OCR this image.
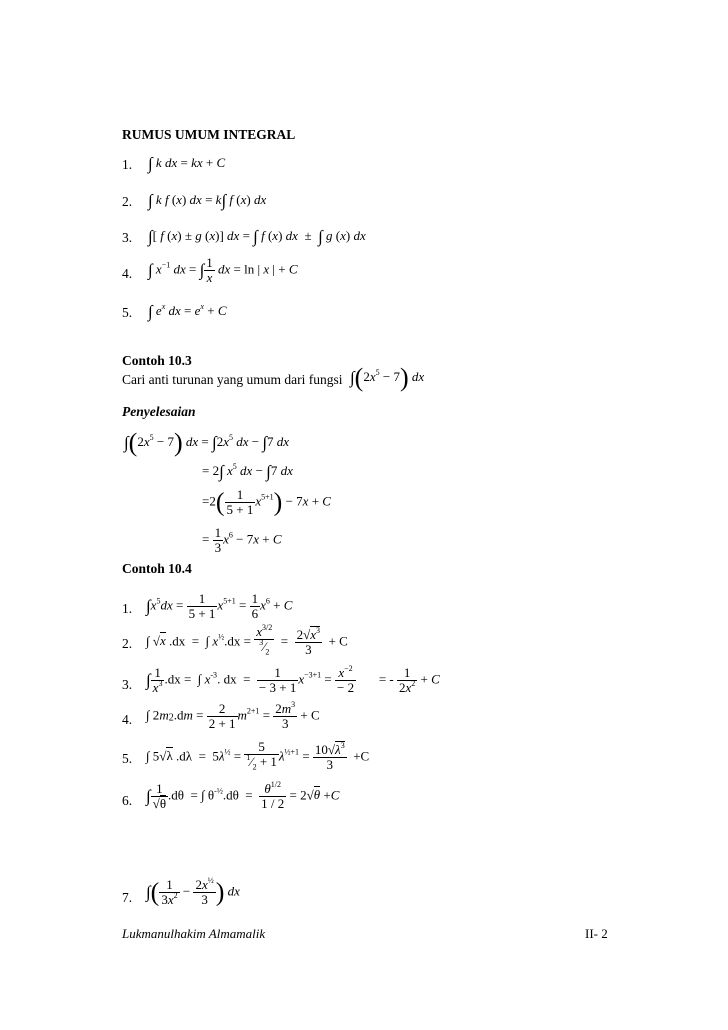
RUMUS UMUM INTEGRAL
1. ∫ k dx = kx + C
2. ∫ k f (x) dx = k∫ f (x) dx
3. ∫[ f (x) ± g (x)] dx = ∫ f (x) dx  ±  ∫ g (x) dx
4. ∫ $x^{-1}$ dx = ∫ $\frac{1}{x}$ dx = ln | x | + C
5. ∫ $e^x$ dx = $e^x + C$
Contoh 10.3
Cari anti turunan yang umum dari fungsi $\int(2x^5 - 7)$ dx
Penyelesaian
$\int(2x^5 - 7)$ dx = $\int 2x^5$ dx − ∫7 dx
= 2∫ $x^5$ dx − ∫7 dx
$=2( \frac{1}{5 + 1} x^{5+1}) - 7x + C$
= $\frac{1}{3} x^6 - 7x + C$
Contoh 10.4
1. $\int x^5dx = \frac{1}{5 + 1} x^{5+1} = \frac{1}{6} x^6 + C$
2. ∫ √x .dx  =  ∫ $x^{\frac{1}{2}}.dx = \frac{x^{3/2}}{^3⁄_2} = \frac{2√x^3}{3} + C$
3. ∫ $\frac{1}{x^3} .dx$ =  ∫ $x^{-3}$. dx  = $\frac{1}{- 3 + 1} x^{-3+1} = \frac{x^{-2}}{- 2}$ = - $\frac{1}{2x^2} + C$
4. ∫ $2m^2.dm = \frac{2}{2 + 1} m^{2+1} = \frac{2m^3}{3} + C$
5. ∫ 5√λ $.d\lambda = 5\lambda^{\frac{1}{2}} = \frac{5}{^1⁄_2 + 1} \lambda^{\frac{1}{2}+1} = \frac{10√\lambda^3}{3} +C$
6. ∫ $\frac{1}{√\theta} .d\theta$  = ∫ $\theta^{-\frac{1}{2}}.d\theta = \frac{\theta^{1/2}}{1 / 2} = 2√\theta +C$
7. ∫( $\frac{1}{3x^2} - \frac{2x^{\frac{1}{2}}}{3}$ ) dx
Lukmanulhakim Almamalik	II- 2
